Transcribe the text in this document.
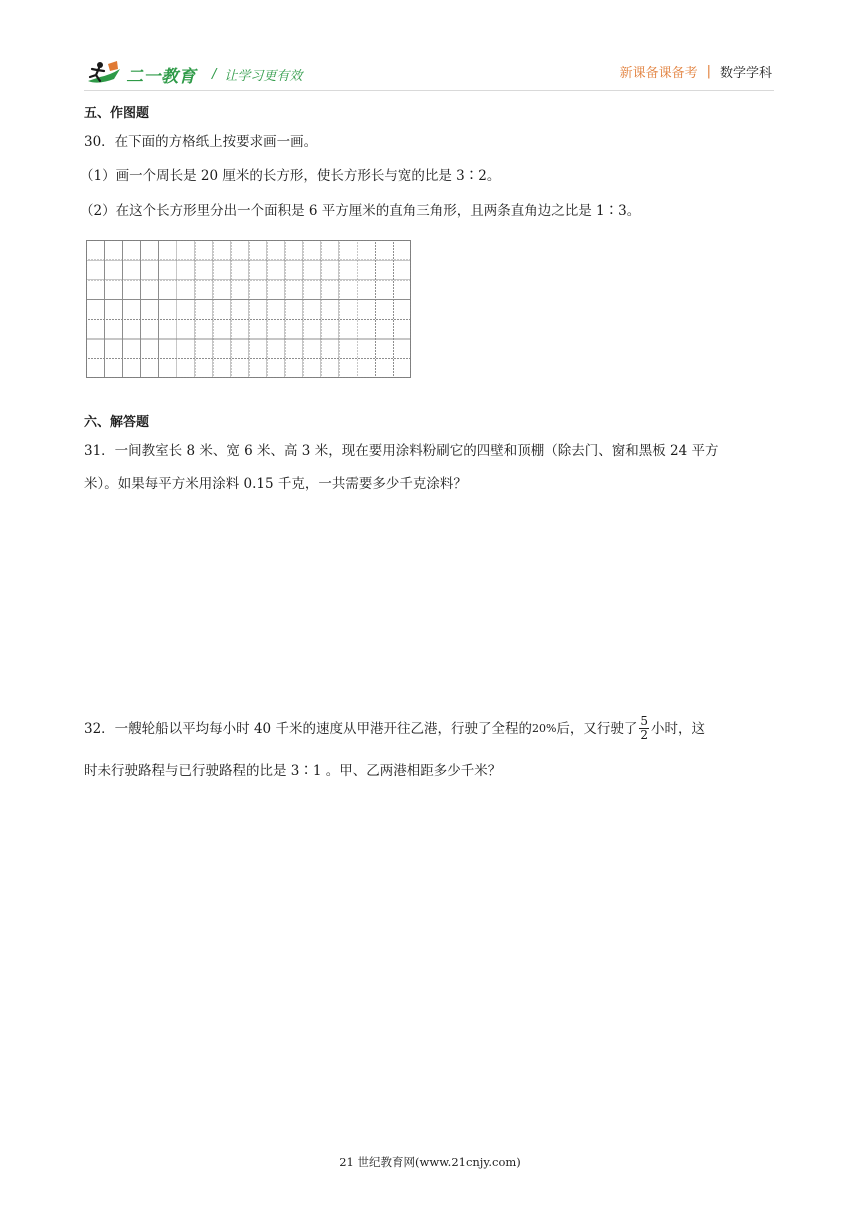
二一教育 / 让学习更有效	新课备课备考 | 数学学科
五、作图题
30．在下面的方格纸上按要求画一画。
（1）画一个周长是 20 厘米的长方形，使长方形长与宽的比是 3∶2。
（2）在这个长方形里分出一个面积是 6 平方厘米的直角三角形，且两条直角边之比是 1∶3。
六、解答题
31．一间教室长 8 米、宽 6 米、高 3 米，现在要用涂料粉刷它的四壁和顶棚（除去门、窗和黑板 24 平方
米）。如果每平方米用涂料 0.15 千克，一共需要多少千克涂料？
32．一艘轮船以平均每小时 40 千米的速度从甲港开往乙港，行驶了全程的 20% 后，又行驶了 $\frac{5}{2}$ 小时，这
时未行驶路程与已行驶路程的比是 3∶1 。甲、乙两港相距多少千米？
21 世纪教育网(www.21cnjy.com)
